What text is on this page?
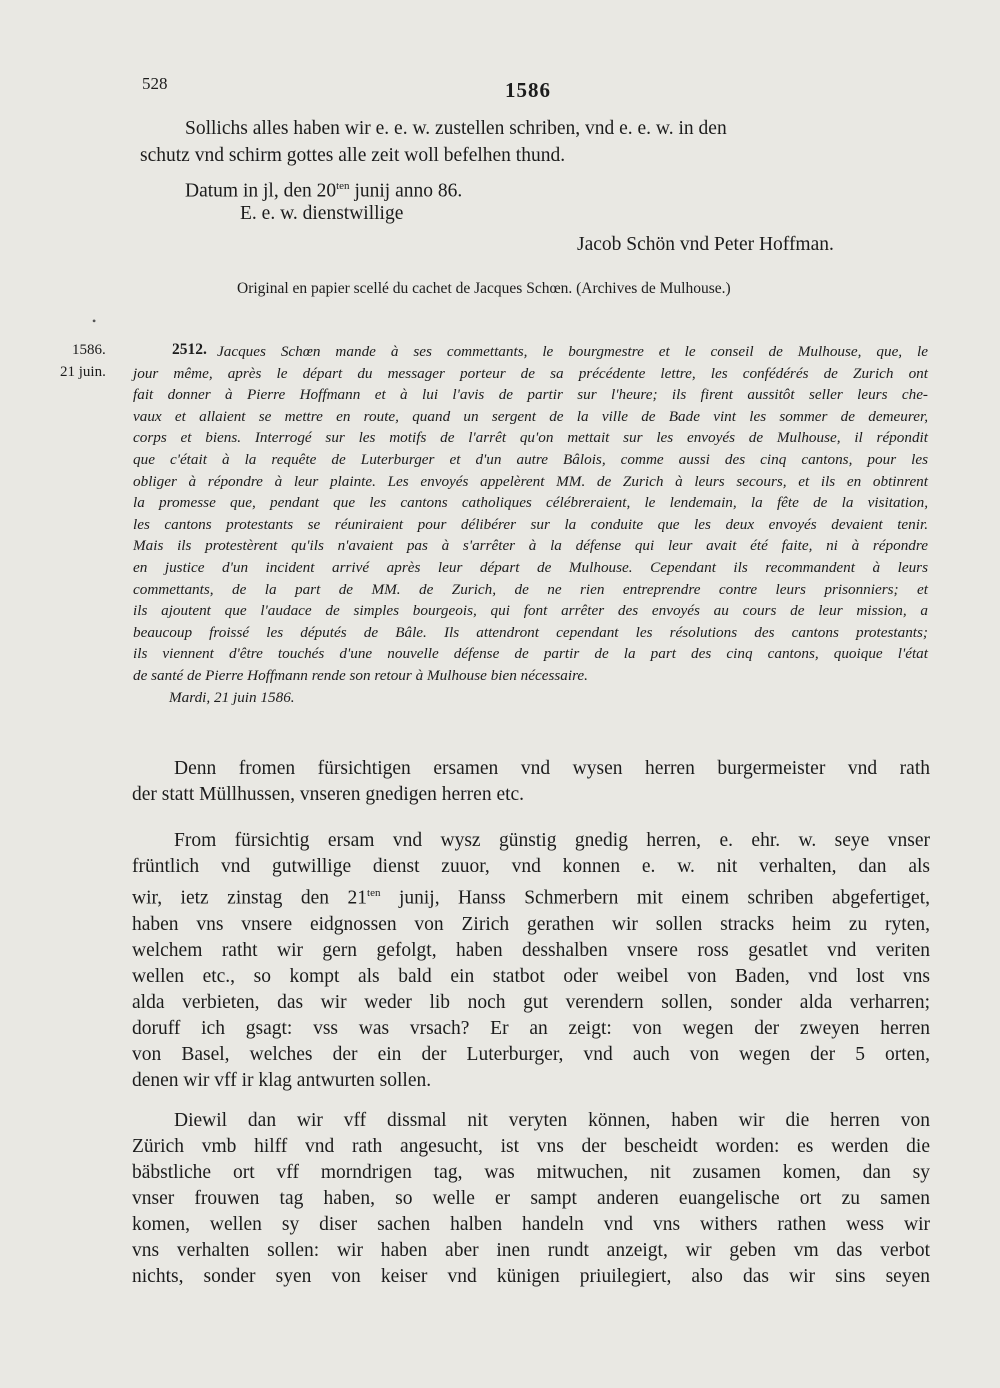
528	1586
Sollichs alles haben wir e. e. w. zustellen schriben, vnd e. e. w. in den
schutz vnd schirm gottes alle zeit woll befelhen thund.
Datum in jl, den $20^{ten}$ junij anno 86.
E. e. w. dienstwillige
Jacob Schön vnd Peter Hoffman.
Original en papier scellé du cachet de Jacques Schœn. (Archives de Mulhouse.)
•
1586.
21 juin.
2512. Jacques Schœn mande à ses commettants, le bourgmestre et le conseil de Mulhouse, que, le
jour même, après le départ du messager porteur de sa précédente lettre, les confédérés de Zurich ont
fait donner à Pierre Hoffmann et à lui l'avis de partir sur l'heure; ils firent aussitôt seller leurs che-
vaux et allaient se mettre en route, quand un sergent de la ville de Bade vint les sommer de demeurer,
corps et biens. Interrogé sur les motifs de l'arrêt qu'on mettait sur les envoyés de Mulhouse, il répondit
que c'était à la requête de Luterburger et d'un autre Bâlois, comme aussi des cinq cantons, pour les
obliger à répondre à leur plainte. Les envoyés appelèrent MM. de Zurich à leurs secours, et ils en obtinrent
la promesse que, pendant que les cantons catholiques célébreraient, le lendemain, la fête de la visitation,
les cantons protestants se réuniraient pour délibérer sur la conduite que les deux envoyés devaient tenir.
Mais ils protestèrent qu'ils n'avaient pas à s'arrêter à la défense qui leur avait été faite, ni à répondre
en justice d'un incident arrivé après leur départ de Mulhouse. Cependant ils recommandent à leurs
commettants, de la part de MM. de Zurich, de ne rien entreprendre contre leurs prisonniers; et
ils ajoutent que l'audace de simples bourgeois, qui font arrêter des envoyés au cours de leur mission, a
beaucoup froissé les députés de Bâle. Ils attendront cependant les résolutions des cantons protestants;
ils viennent d'être touchés d'une nouvelle défense de partir de la part des cinq cantons, quoique l'état
de santé de Pierre Hoffmann rende son retour à Mulhouse bien nécessaire.
Mardi, 21 juin 1586.
Denn fromen fürsichtigen ersamen vnd wysen herren burgermeister vnd rath
der statt Müllhussen, vnseren gnedigen herren etc.
From fürsichtig ersam vnd wysz günstig gnedig herren, e. ehr. w. seye vnser
früntlich vnd gutwillige dienst zuuor, vnd konnen e. w. nit verhalten, dan als
wir, ietz zinstag den $21^{ten}$ junij, Hanss Schmerbern mit einem schriben abgefertiget,
haben vns vnsere eidgnossen von Zirich gerathen wir sollen stracks heim zu ryten,
welchem ratht wir gern gefolgt, haben desshalben vnsere ross gesatlet vnd veriten
wellen etc., so kompt als bald ein statbot oder weibel von Baden, vnd lost vns
alda verbieten, das wir weder lib noch gut verendern sollen, sonder alda verharren;
doruff ich gsagt: vss was vrsach? Er an zeigt: von wegen der zweyen herren
von Basel, welches der ein der Luterburger, vnd auch von wegen der 5 orten,
denen wir vff ir klag antwurten sollen.
Diewil dan wir vff dissmal nit veryten können, haben wir die herren von
Zürich vmb hilff vnd rath angesucht, ist vns der bescheidt worden: es werden die
bäbstliche ort vff morndrigen tag, was mitwuchen, nit zusamen komen, dan sy
vnser frouwen tag haben, so welle er sampt anderen euangelische ort zu samen
komen, wellen sy diser sachen halben handeln vnd vns withers rathen wess wir
vns verhalten sollen: wir haben aber inen rundt anzeigt, wir geben vm das verbot
nichts, sonder syen von keiser vnd künigen priuilegiert, also das wir sins seyen
